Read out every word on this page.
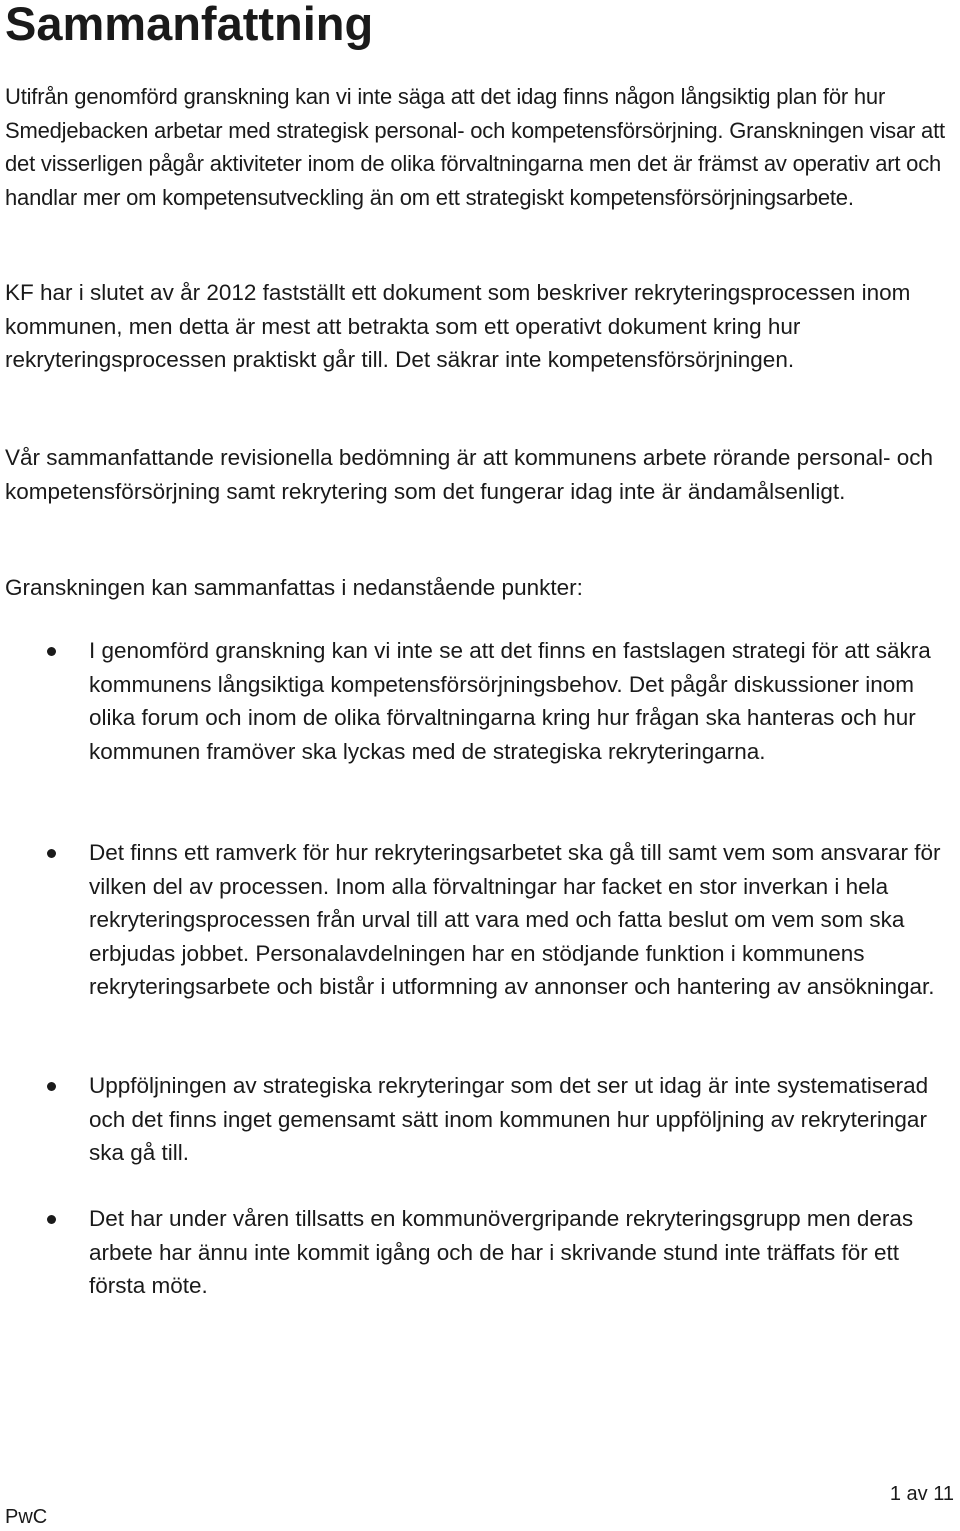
Sammanfattning

Utifrån genomförd granskning kan vi inte säga att det idag finns någon långsiktig plan för hur Smedjebacken arbetar med strategisk personal- och kompetensförsörjning. Granskningen visar att det visserligen pågår aktiviteter inom de olika förvaltningarna men det är främst av operativ art och handlar mer om kompetensutveckling än om ett strategiskt kompetensförsörjningsarbete.

KF har i slutet av år 2012 fastställt ett dokument som beskriver rekryteringsprocessen inom kommunen, men detta är mest att betrakta som ett operativt dokument kring hur rekryteringsprocessen praktiskt går till. Det säkrar inte kompetensförsörjningen.

Vår sammanfattande revisionella bedömning är att kommunens arbete rörande personal- och kompetensförsörjning samt rekrytering som det fungerar idag inte är ändamålsenligt.

Granskningen kan sammanfattas i nedanstående punkter:

I genomförd granskning kan vi inte se att det finns en fastslagen strategi för att säkra kommunens långsiktiga kompetensförsörjningsbehov. Det pågår diskussioner inom olika forum och inom de olika förvaltningarna kring hur frågan ska hanteras och hur kommunen framöver ska lyckas med de strategiska rekryteringarna.

Det finns ett ramverk för hur rekryteringsarbetet ska gå till samt vem som ansvarar för vilken del av processen. Inom alla förvaltningar har facket en stor inverkan i hela rekryteringsprocessen från urval till att vara med och fatta beslut om vem som ska erbjudas jobbet. Personalavdelningen har en stödjande funktion i kommunens rekryteringsarbete och bistår i utformning av annonser och hantering av ansökningar.

Uppföljningen av strategiska rekryteringar som det ser ut idag är inte systematiserad och det finns inget gemensamt sätt inom kommunen hur uppföljning av rekryteringar ska gå till.

Det har under våren tillsatts en kommunövergripande rekryteringsgrupp men deras arbete har ännu inte kommit igång och de har i skrivande stund inte träffats för ett första möte.

1 av 11
PwC
